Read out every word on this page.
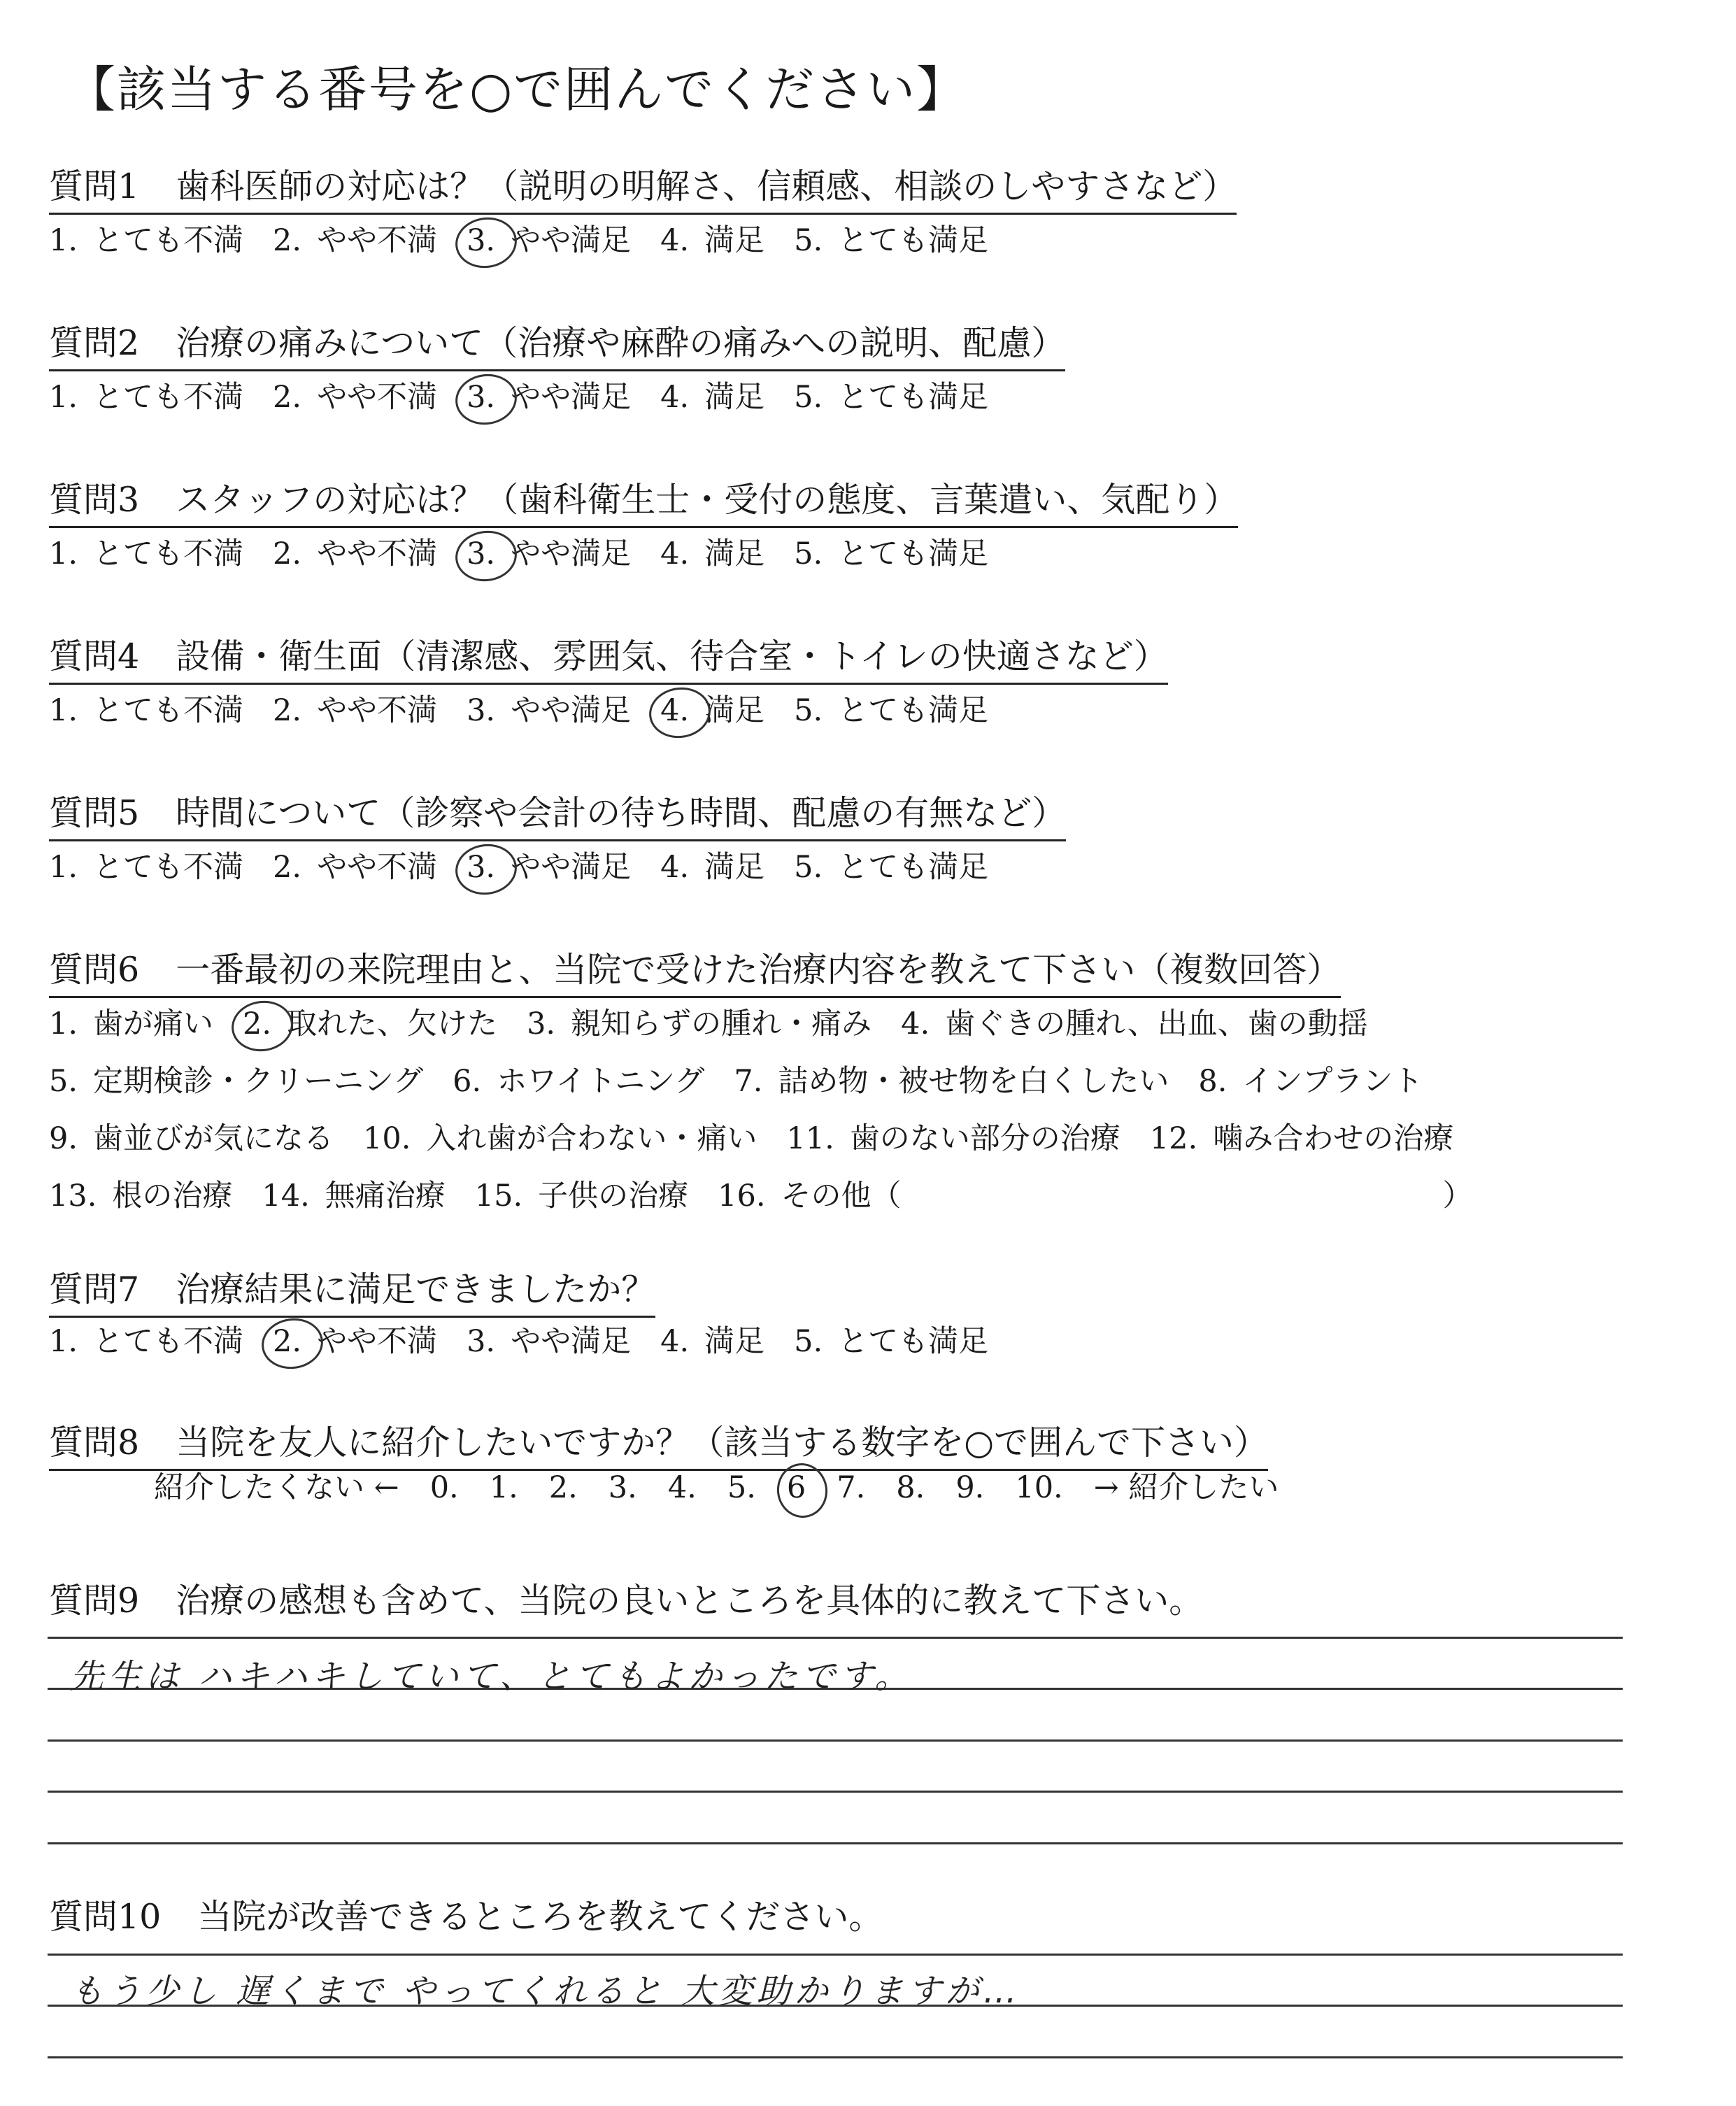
【該当する番号を○で囲んでください】
質問1 歯科医師の対応は？（説明の明解さ、信頼感、相談のしやすさなど）
1. とても不満 2. やや不満 3. やや満足 4. 満足 5. とても満足
質問2 治療の痛みについて（治療や麻酔の痛みへの説明、配慮）
1. とても不満 2. やや不満 3. やや満足 4. 満足 5. とても満足
質問3 スタッフの対応は？（歯科衛生士・受付の態度、言葉遣い、気配り）
1. とても不満 2. やや不満 3. やや満足 4. 満足 5. とても満足
質問4 設備・衛生面（清潔感、雰囲気、待合室・トイレの快適さなど）
1. とても不満 2. やや不満 3. やや満足 4. 満足 5. とても満足
質問5 時間について（診察や会計の待ち時間、配慮の有無など）
1. とても不満 2. やや不満 3. やや満足 4. 満足 5. とても満足
質問6 一番最初の来院理由と、当院で受けた治療内容を教えて下さい（複数回答）
1. 歯が痛い 2. 取れた、欠けた 3. 親知らずの腫れ・痛み 4. 歯ぐきの腫れ、出血、歯の動揺
5. 定期検診・クリーニング 6. ホワイトニング 7. 詰め物・被せ物を白くしたい 8. インプラント
9. 歯並びが気になる 10. 入れ歯が合わない・痛い 11. 歯のない部分の治療 12. 噛み合わせの治療
13. 根の治療 14. 無痛治療 15. 子供の治療 16. その他（　　　　　　　　　　　　　　　　　　）
質問7 治療結果に満足できましたか？
1. とても不満 2. やや不満 3. やや満足 4. 満足 5. とても満足
質問8 当院を友人に紹介したいですか？（該当する数字を○で囲んで下さい）
紹介したくない ← 0. 1. 2. 3. 4. 5. 6 7. 8. 9. 10. → 紹介したい
質問9 治療の感想も含めて、当院の良いところを具体的に教えて下さい。
先生は ハキハキしていて、とてもよかったです。
質問10 当院が改善できるところを教えてください。
もう少し 遅くまで やってくれると 大変助かりますが…
